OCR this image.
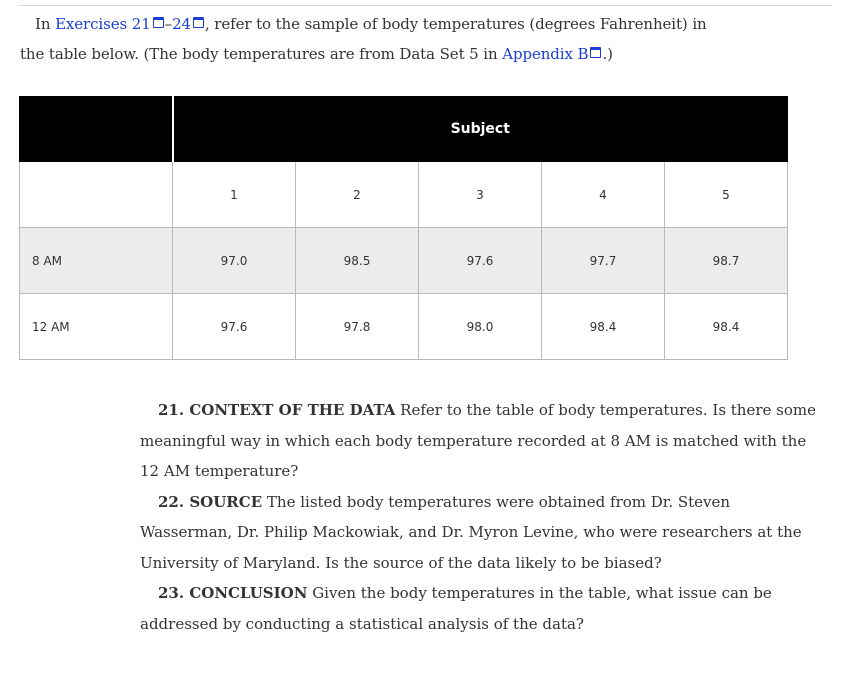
In Exercises 21 –24 , refer to the sample of body temperatures (degrees Fahrenheit) in
the table below. (The body temperatures are from Data Set 5 in Appendix B .)
	Subject				
	1	2	3	4	5
8 AM	97.0	98.5	97.6	97.7	98.7
12 AM	97.6	97.8	98.0	98.4	98.4

21. CONTEXT OF THE DATA Refer to the table of body temperatures. Is there some meaningful way in which each body temperature recorded at 8 AM is matched with the 12 AM temperature?

22. SOURCE The listed body temperatures were obtained from Dr. Steven Wasserman, Dr. Philip Mackowiak, and Dr. Myron Levine, who were researchers at the University of Maryland. Is the source of the data likely to be biased?

23. CONCLUSION Given the body temperatures in the table, what issue can be addressed by conducting a statistical analysis of the data?
